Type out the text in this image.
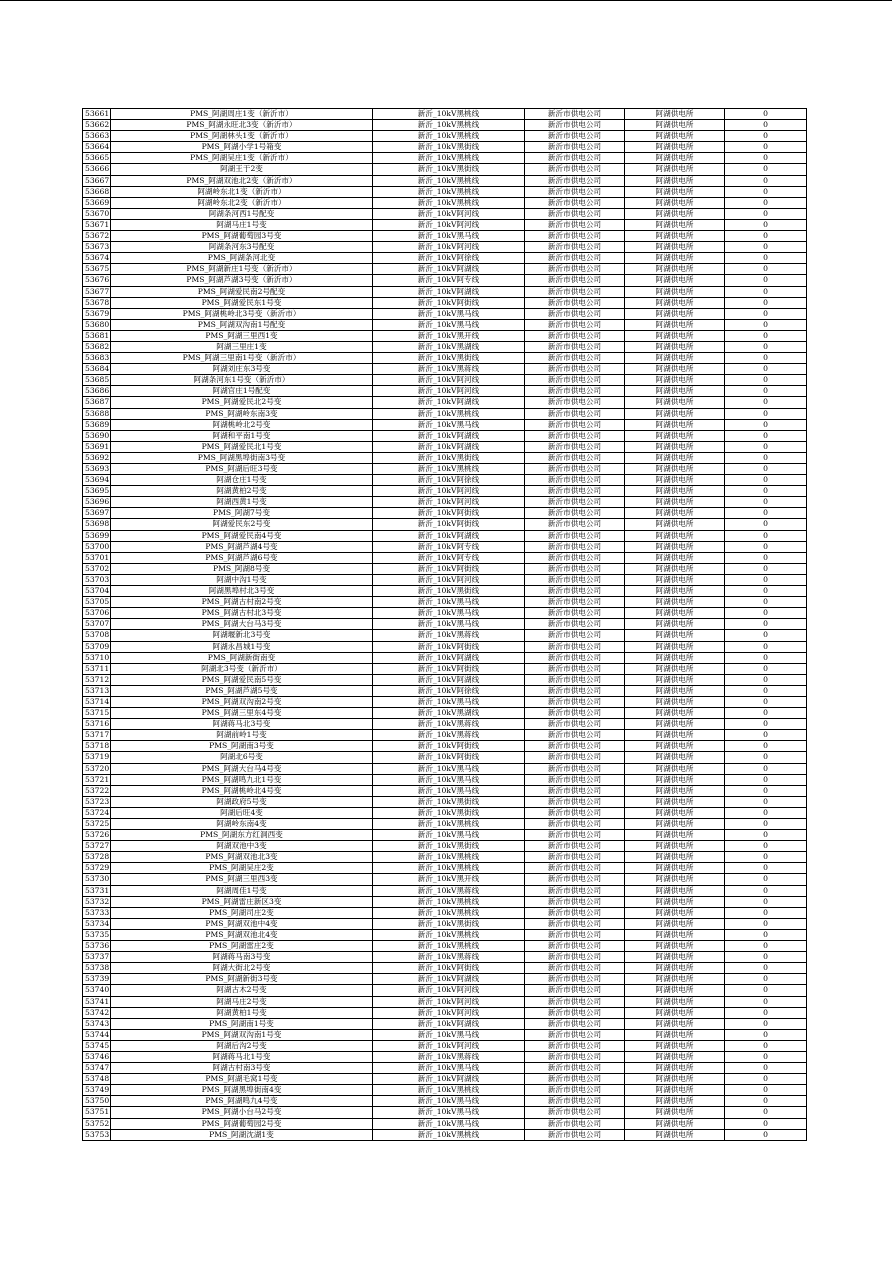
53661	PMS_阿湖周庄1变（新沂市）	新沂_10kV黑桃线	新沂市供电公司	阿湖供电所	0
53662	PMS_阿湖永旺北3变（新沂市）	新沂_10kV黑桃线	新沂市供电公司	阿湖供电所	0
53663	PMS_阿湖林头1变（新沂市）	新沂_10kV黑桃线	新沂市供电公司	阿湖供电所	0
53664	PMS_阿湖小学1号箱变	新沂_10kV黑街线	新沂市供电公司	阿湖供电所	0
53665	PMS_阿湖吴庄1变（新沂市）	新沂_10kV黑桃线	新沂市供电公司	阿湖供电所	0
53666	阿湖王于2变	新沂_10kV黑街线	新沂市供电公司	阿湖供电所	0
53667	PMS_阿湖双池北2变（新沂市）	新沂_10kV黑桃线	新沂市供电公司	阿湖供电所	0
53668	阿湖岭东北1变（新沂市）	新沂_10kV黑桃线	新沂市供电公司	阿湖供电所	0
53669	阿湖岭东北2变（新沂市）	新沂_10kV黑桃线	新沂市供电公司	阿湖供电所	0
53670	阿湖条河西1号配变	新沂_10kV阿河线	新沂市供电公司	阿湖供电所	0
53671	阿湖马庄1号变	新沂_10kV阿河线	新沂市供电公司	阿湖供电所	0
53672	PMS_阿湖葡萄园3号变	新沂_10kV黑马线	新沂市供电公司	阿湖供电所	0
53673	阿湖条河东3号配变	新沂_10kV阿河线	新沂市供电公司	阿湖供电所	0
53674	PMS_阿湖条河北变	新沂_10kV阿徐线	新沂市供电公司	阿湖供电所	0
53675	PMS_阿湖新庄1号变（新沂市）	新沂_10kV阿湖线	新沂市供电公司	阿湖供电所	0
53676	PMS_阿湖芦湖3号变（新沂市）	新沂_10kV阿专线	新沂市供电公司	阿湖供电所	0
53677	PMS_阿湖爱民南2号配变	新沂_10kV阿湖线	新沂市供电公司	阿湖供电所	0
53678	PMS_阿湖爱民东1号变	新沂_10kV阿街线	新沂市供电公司	阿湖供电所	0
53679	PMS_阿湖桃岭北3号变（新沂市）	新沂_10kV黑马线	新沂市供电公司	阿湖供电所	0
53680	PMS_阿湖双沟南1号配变	新沂_10kV黑马线	新沂市供电公司	阿湖供电所	0
53681	PMS_阿湖三里西1变	新沂_10kV黑开线	新沂市供电公司	阿湖供电所	0
53682	阿湖三里庄1变	新沂_10kV黑湖线	新沂市供电公司	阿湖供电所	0
53683	PMS_阿湖三里南1号变（新沂市）	新沂_10kV黑街线	新沂市供电公司	阿湖供电所	0
53684	阿湖刘庄东3号变	新沂_10kV黑蒋线	新沂市供电公司	阿湖供电所	0
53685	阿湖条河东1号变（新沂市）	新沂_10kV阿河线	新沂市供电公司	阿湖供电所	0
53686	阿湖官庄1号配变	新沂_10kV阿河线	新沂市供电公司	阿湖供电所	0
53687	PMS_阿湖爱民北2号变	新沂_10kV阿湖线	新沂市供电公司	阿湖供电所	0
53688	PMS_阿湖岭东南3变	新沂_10kV黑桃线	新沂市供电公司	阿湖供电所	0
53689	阿湖桃岭北2号变	新沂_10kV黑马线	新沂市供电公司	阿湖供电所	0
53690	阿湖和平南1号变	新沂_10kV阿湖线	新沂市供电公司	阿湖供电所	0
53691	PMS_阿湖爱民北1号变	新沂_10kV阿湖线	新沂市供电公司	阿湖供电所	0
53692	PMS_阿湖黑埠街南3号变	新沂_10kV黑街线	新沂市供电公司	阿湖供电所	0
53693	PMS_阿湖后旺3号变	新沂_10kV黑桃线	新沂市供电公司	阿湖供电所	0
53694	阿湖仓庄1号变	新沂_10kV阿徐线	新沂市供电公司	阿湖供电所	0
53695	阿湖黄柏2号变	新沂_10kV阿河线	新沂市供电公司	阿湖供电所	0
53696	阿湖西黄1号变	新沂_10kV阿河线	新沂市供电公司	阿湖供电所	0
53697	PMS_阿湖7号变	新沂_10kV阿街线	新沂市供电公司	阿湖供电所	0
53698	阿湖爱民东2号变	新沂_10kV阿街线	新沂市供电公司	阿湖供电所	0
53699	PMS_阿湖爱民南4号变	新沂_10kV阿湖线	新沂市供电公司	阿湖供电所	0
53700	PMS_阿湖芦湖4号变	新沂_10kV阿专线	新沂市供电公司	阿湖供电所	0
53701	PMS_阿湖芦湖6号变	新沂_10kV阿专线	新沂市供电公司	阿湖供电所	0
53702	PMS_阿湖8号变	新沂_10kV阿街线	新沂市供电公司	阿湖供电所	0
53703	阿湖中沟1号变	新沂_10kV阿河线	新沂市供电公司	阿湖供电所	0
53704	阿湖黑埠村北3号变	新沂_10kV黑街线	新沂市供电公司	阿湖供电所	0
53705	PMS_阿湖古村南2号变	新沂_10kV黑马线	新沂市供电公司	阿湖供电所	0
53706	PMS_阿湖古村北3号变	新沂_10kV黑马线	新沂市供电公司	阿湖供电所	0
53707	PMS_阿湖大台马3号变	新沂_10kV黑马线	新沂市供电公司	阿湖供电所	0
53708	阿湖堰新北3号变	新沂_10kV黑蒋线	新沂市供电公司	阿湖供电所	0
53709	阿湖永昌城1号变	新沂_10kV阿街线	新沂市供电公司	阿湖供电所	0
53710	PMS_阿湖新街南变	新沂_10kV阿湖线	新沂市供电公司	阿湖供电所	0
53711	阿湖北3号变（新沂市）	新沂_10kV阿街线	新沂市供电公司	阿湖供电所	0
53712	PMS_阿湖爱民南5号变	新沂_10kV阿湖线	新沂市供电公司	阿湖供电所	0
53713	PMS_阿湖芦湖5号变	新沂_10kV阿徐线	新沂市供电公司	阿湖供电所	0
53714	PMS_阿湖双沟南2号变	新沂_10kV黑马线	新沂市供电公司	阿湖供电所	0
53715	PMS_阿湖三里东4号变	新沂_10kV黑湖线	新沂市供电公司	阿湖供电所	0
53716	阿湖蒋马北3号变	新沂_10kV黑蒋线	新沂市供电公司	阿湖供电所	0
53717	阿湖前岭1号变	新沂_10kV黑蒋线	新沂市供电公司	阿湖供电所	0
53718	PMS_阿湖南3号变	新沂_10kV阿街线	新沂市供电公司	阿湖供电所	0
53719	阿湖北6号变	新沂_10kV阿街线	新沂市供电公司	阿湖供电所	0
53720	PMS_阿湖大台马4号变	新沂_10kV黑马线	新沂市供电公司	阿湖供电所	0
53721	PMS_阿湖鸣九北1号变	新沂_10kV黑马线	新沂市供电公司	阿湖供电所	0
53722	PMS_阿湖桃岭北4号变	新沂_10kV黑马线	新沂市供电公司	阿湖供电所	0
53723	阿湖政府5号变	新沂_10kV黑街线	新沂市供电公司	阿湖供电所	0
53724	阿湖后旺4变	新沂_10kV黑街线	新沂市供电公司	阿湖供电所	0
53725	阿湖岭东南4变	新沂_10kV黑桃线	新沂市供电公司	阿湖供电所	0
53726	PMS_阿湖东方红洞西变	新沂_10kV黑马线	新沂市供电公司	阿湖供电所	0
53727	阿湖双池中3变	新沂_10kV黑街线	新沂市供电公司	阿湖供电所	0
53728	PMS_阿湖双池北3变	新沂_10kV黑桃线	新沂市供电公司	阿湖供电所	0
53729	PMS_阿湖吴庄2变	新沂_10kV黑桃线	新沂市供电公司	阿湖供电所	0
53730	PMS_阿湖三里西3变	新沂_10kV黑开线	新沂市供电公司	阿湖供电所	0
53731	阿湖周佳1号变	新沂_10kV黑蒋线	新沂市供电公司	阿湖供电所	0
53732	PMS_阿湖雷庄新区3变	新沂_10kV黑桃线	新沂市供电公司	阿湖供电所	0
53733	PMS_阿湖司庄2变	新沂_10kV黑桃线	新沂市供电公司	阿湖供电所	0
53734	PMS_阿湖双池中4变	新沂_10kV黑街线	新沂市供电公司	阿湖供电所	0
53735	PMS_阿湖双池北4变	新沂_10kV黑桃线	新沂市供电公司	阿湖供电所	0
53736	PMS_阿湖雷庄2变	新沂_10kV黑桃线	新沂市供电公司	阿湖供电所	0
53737	阿湖蒋马南3号变	新沂_10kV黑蒋线	新沂市供电公司	阿湖供电所	0
53738	阿湖大街北2号变	新沂_10kV阿街线	新沂市供电公司	阿湖供电所	0
53739	PMS_阿湖新街3号变	新沂_10kV阿湖线	新沂市供电公司	阿湖供电所	0
53740	阿湖古木2号变	新沂_10kV阿河线	新沂市供电公司	阿湖供电所	0
53741	阿湖马庄2号变	新沂_10kV阿河线	新沂市供电公司	阿湖供电所	0
53742	阿湖黄柏1号变	新沂_10kV阿河线	新沂市供电公司	阿湖供电所	0
53743	PMS_阿湖南1号变	新沂_10kV阿湖线	新沂市供电公司	阿湖供电所	0
53744	PMS_阿湖双沟南1号变	新沂_10kV黑马线	新沂市供电公司	阿湖供电所	0
53745	阿湖后沟2号变	新沂_10kV阿河线	新沂市供电公司	阿湖供电所	0
53746	阿湖蒋马北1号变	新沂_10kV黑蒋线	新沂市供电公司	阿湖供电所	0
53747	阿湖古村南3号变	新沂_10kV黑马线	新沂市供电公司	阿湖供电所	0
53748	PMS_阿湖毛窝1号变	新沂_10kV阿湖线	新沂市供电公司	阿湖供电所	0
53749	PMS_阿湖黑埠街南4变	新沂_10kV黑桃线	新沂市供电公司	阿湖供电所	0
53750	PMS_阿湖鸣九4号变	新沂_10kV黑马线	新沂市供电公司	阿湖供电所	0
53751	PMS_阿湖小台马2号变	新沂_10kV黑马线	新沂市供电公司	阿湖供电所	0
53752	PMS_阿湖葡萄园2号变	新沂_10kV黑马线	新沂市供电公司	阿湖供电所	0
53753	PMS_阿湖沈湖1变	新沂_10kV黑桃线	新沂市供电公司	阿湖供电所	0
